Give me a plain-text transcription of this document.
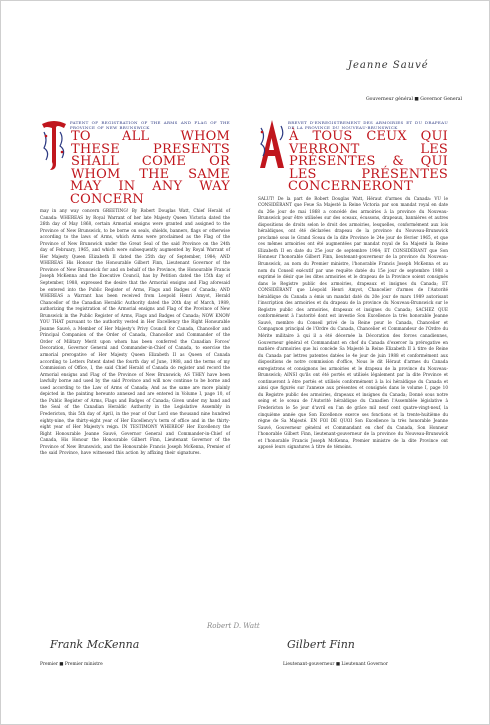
Jeanne Sauvé
Gouverneur général ■ Governor General
PATENT OF REGISTRATION OF THE ARMS AND FLAG OF THE PROVINCE OF NEW BRUNSWICK
TO ALL WHOM THESE PRESENTS SHALL COME OR WHOM THE SAME MAY IN ANY WAY CONCERN
may in any way concern GREETING! By Robert Douglas Watt, Chief Herald of Canada: WHEREAS by Royal Warrant of her late Majesty Queen Victoria dated the 26th day of May 1868, certain Armorial ensigns were granted and assigned to the Province of New Brunswick, to be borne on seals, shields, banners, flags or otherwise according to the laws of Arms, which Arms were proclaimed as the Flag of the Province of New Brunswick under the Great Seal of the said Province on the 24th day of February, 1965, and which were subsequently augmented by Royal Warrant of Her Majesty Queen Elizabeth II dated the 25th day of September, 1984; AND WHEREAS His Honour the Honourable Gilbert Finn, Lieutenant Governor of the Province of New Brunswick for and on behalf of the Province, the Honourable Francis Joseph McKenna and the Executive Council, has by Petition dated the 15th day of September, 1988, expressed the desire that the Armorial ensigns and Flag aforesaid be entered into the Public Register of Arms, Flags and Badges of Canada; AND WHEREAS a Warrant has been received from Leopold Henri Amyot, Herald Chancellor of the Canadian Heraldic Authority dated the 20th day of March, 1989, authorizing the registration of the Armorial ensigns and Flag of the Province of New Brunswick in the Public Register of Arms, Flags and Badges of Canada; NOW KNOW YOU THAT pursuant to the authority vested in Her Excellency the Right Honourable Jeanne Sauvé, a Member of Her Majesty's Privy Council for Canada, Chancellor and Principal Companion of the Order of Canada, Chancellor and Commander of the Order of Military Merit upon whom has been conferred the Canadian Forces' Decoration, Governor General and Commander-in-Chief of Canada, to exercise the armorial prerogative of Her Majesty Queen Elizabeth II as Queen of Canada according to Letters Patent dated the fourth day of June, 1988, and the terms of my Commission of Office, I, the said Chief Herald of Canada do register and record the Armorial ensigns and Flag of the Province of New Brunswick; AS THEY have been lawfully borne and used by the said Province and will now continue to be borne and used according to the Law of Arms of Canada; And as the same are more plainly depicted in the painting hereunto annexed and are entered in Volume I, page 10, of the Public Register of Arms, Flags and Badges of Canada; Given under my hand and the Seal of the Canadian Heraldic Authority in the Legislative Assembly in Fredericton, this 5th day of April, in the year of Our Lord one thousand nine hundred eighty-nine, the thirty-eight year of Her Excellency's term of office and in the thirty-eight year of Her Majesty's reign. IN TESTIMONY WHEREOF Her Excellency the Right Honourable Jeanne Sauvé, Governor General and Commander-in-Chief of Canada, His Honour the Honourable Gilbert Finn, Lieutenant Governor of the Province of New Brunswick, and the Honourable Francis Joseph McKenna, Premier of the said Province, have witnessed this action by affixing their signatures.
BREVET D'ENREGISTREMENT DES ARMOIRIES ET DU DRAPEAU DE LA PROVINCE DU NOUVEAU-BRUNSWICK
À TOUS CEUX QUI VERRONT LES PRÉSENTES & QUI LES PRÉSENTES CONCERNERONT
SALUT! De la part de Robert Douglas Watt, Héraut d'armes du Canada: VU le CONSIDÉRANT que Feue Sa Majesté la Reine Victoria par son mandat royal en date du 26e jour de mai 1868 a concédé des armoiries à la province du Nouveau-Brunswick pour être utilisées sur des sceaux, écussons, drapeaux, bannières et autres dispositions de droits selon le droit des armoiries, lesquelles, conformément aux lois héraldiques, ont été déclarées drapeau de la province du Nouveau-Brunswick proclamé sous le Grand Sceau de la dite Province le 24e jour de février 1965, et que ces mêmes armoiries ont été augmentées par mandat royal de Sa Majesté la Reine Elizabeth II en date du 25e jour de septembre 1984; ET CONSIDÉRANT que Son Honneur l'honorable Gilbert Finn, lieutenant-gouverneur de la province du Nouveau-Brunswick, au nom du Premier ministre, l'honorable Francis Joseph McKenna et au nom du Conseil exécutif par une requête datée du 15e jour de septembre 1988 a exprimé le désir que les dites armoiries et le drapeau de la Province soient consignés dans le Registre public des armoiries, drapeaux et insignes du Canada; ET CONSIDÉRANT que Léopold Henri Amyot, Chancelier d'armes de l'Autorité héraldique du Canada a émis un mandat daté du 20e jour de mars 1989 autorisant l'inscription des armoiries et du drapeau de la province du Nouveau-Brunswick sur le Registre public des armoiries, drapeaux et insignes du Canada; SACHEZ QUE conformément à l'autorité dont est investie Son Excellence la très honorable Jeanne Sauvé, membre du Conseil privé de la Reine pour le Canada, Chancelier et Compagnon principal de l'Ordre du Canada, Chancelier et Commandeur de l'Ordre du Mérite militaire à qui il a été décernée la Décoration des forces canadiennes, Gouverneur général et Commandant en chef du Canada d'exercer la prérogative en matière d'armoiries que lui concède Sa Majesté la Reine Elizabeth II à titre de Reine du Canada par lettres patentes datées le 4e jour de juin 1988 et conformément aux dispositions de notre commission d'office, Nous le dit Héraut d'armes du Canada enregistrons et consignons les armoiries et le drapeau de la province du Nouveau-Brunswick; AINSI qu'ils ont été portés et utilisés légalement par la dite Province et continueront à être portés et utilisés conformément à la loi héraldique du Canada et ainsi que figurés sur l'annexe aux présentes et consignés dans le volume I, page 10 du Registre public des armoiries, drapeaux et insignes du Canada; Donné sous notre seing et le sceau de l'Autorité héraldique du Canadien l'Assemblée législative à Fredericton le 5e jour d'avril en l'an de grâce mil neuf cent quatre-vingt-neuf, la cinquième année que Son Excellence exerce ses fonctions et la trente-huitième du règne de Sa Majesté. EN FOI DE QUOI Son Excellence la très honorable Jeanne Sauvé, Gouverneur général et Commandant en chef du Canada, Son Honneur l'honorable Gilbert Finn, lieutenant-gouverneur de la province du Nouveau-Brunswick et l'honorable Francis Joseph McKenna, Premier ministre de la dite Province ont apposé leurs signatures à titre de témoins.
Frank McKenna
Robert D. Watt
Gilbert Finn
Premier ■ Premier ministre	Lieutenant-gouverneur ■ Lieutenant Governor
